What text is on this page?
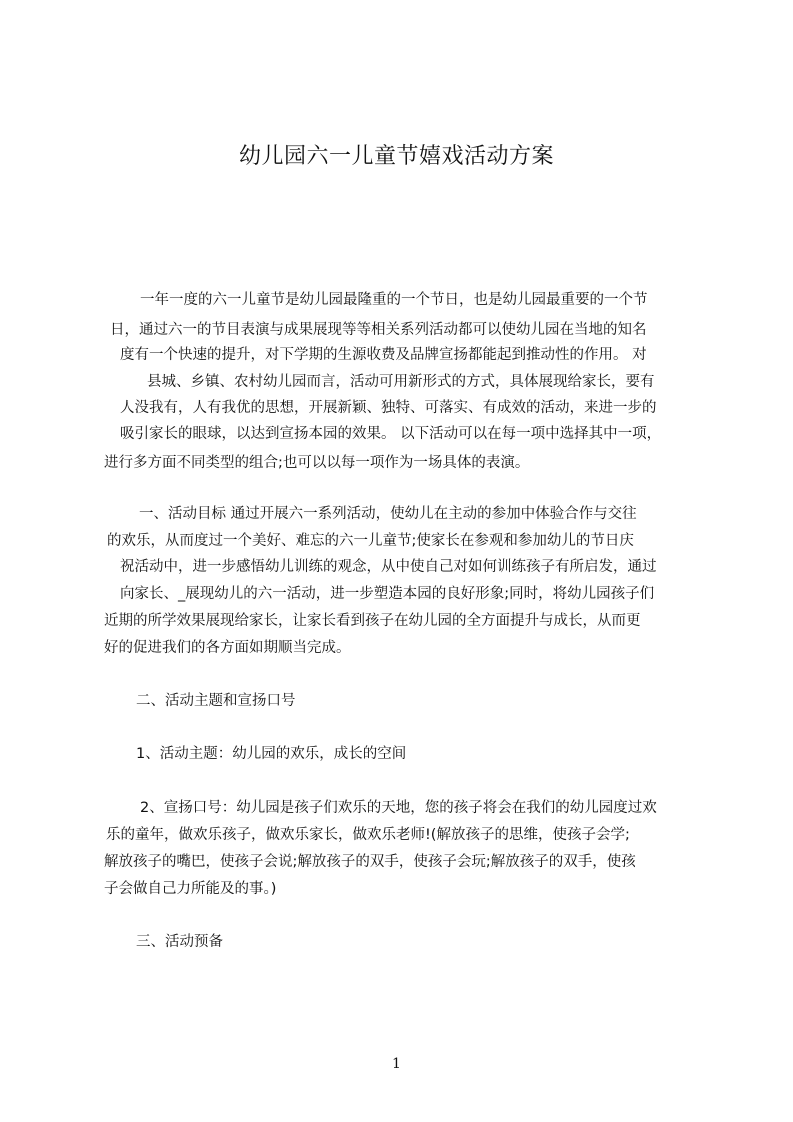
幼儿园六一儿童节嬉戏活动方案
一年一度的六一儿童节是幼儿园最隆重的一个节日，也是幼儿园最重要的一个节
日，通过六一的节目表演与成果展现等等相关系列活动都可以使幼儿园在当地的知名
度有一个快速的提升，对下学期的生源收费及品牌宣扬都能起到推动性的作用。 对
县城、乡镇、农村幼儿园而言，活动可用新形式的方式，具体展现给家长，要有
人没我有，人有我优的思想，开展新颖、独特、可落实、有成效的活动，来进一步的
吸引家长的眼球，以达到宣扬本园的效果。 以下活动可以在每一项中选择其中一项，
进行多方面不同类型的组合;也可以以每一项作为一场具体的表演。
一、活动目标 通过开展六一系列活动，使幼儿在主动的参加中体验合作与交往
的欢乐，从而度过一个美好、难忘的六一儿童节;使家长在参观和参加幼儿的节日庆
祝活动中，进一步感悟幼儿训练的观念，从中使自己对如何训练孩子有所启发，通过
向家长、_展现幼儿的六一活动，进一步塑造本园的良好形象;同时，将幼儿园孩子们
近期的所学效果展现给家长，让家长看到孩子在幼儿园的全方面提升与成长，从而更
好的促进我们的各方面如期顺当完成。
二、活动主题和宣扬口号
1、活动主题：幼儿园的欢乐，成长的空间
2、宣扬口号：幼儿园是孩子们欢乐的天地，您的孩子将会在我们的幼儿园度过欢
乐的童年，做欢乐孩子，做欢乐家长，做欢乐老师!(解放孩子的思维，使孩子会学;
解放孩子的嘴巴，使孩子会说;解放孩子的双手，使孩子会玩;解放孩子的双手，使孩
子会做自己力所能及的事。)
三、活动预备
1
